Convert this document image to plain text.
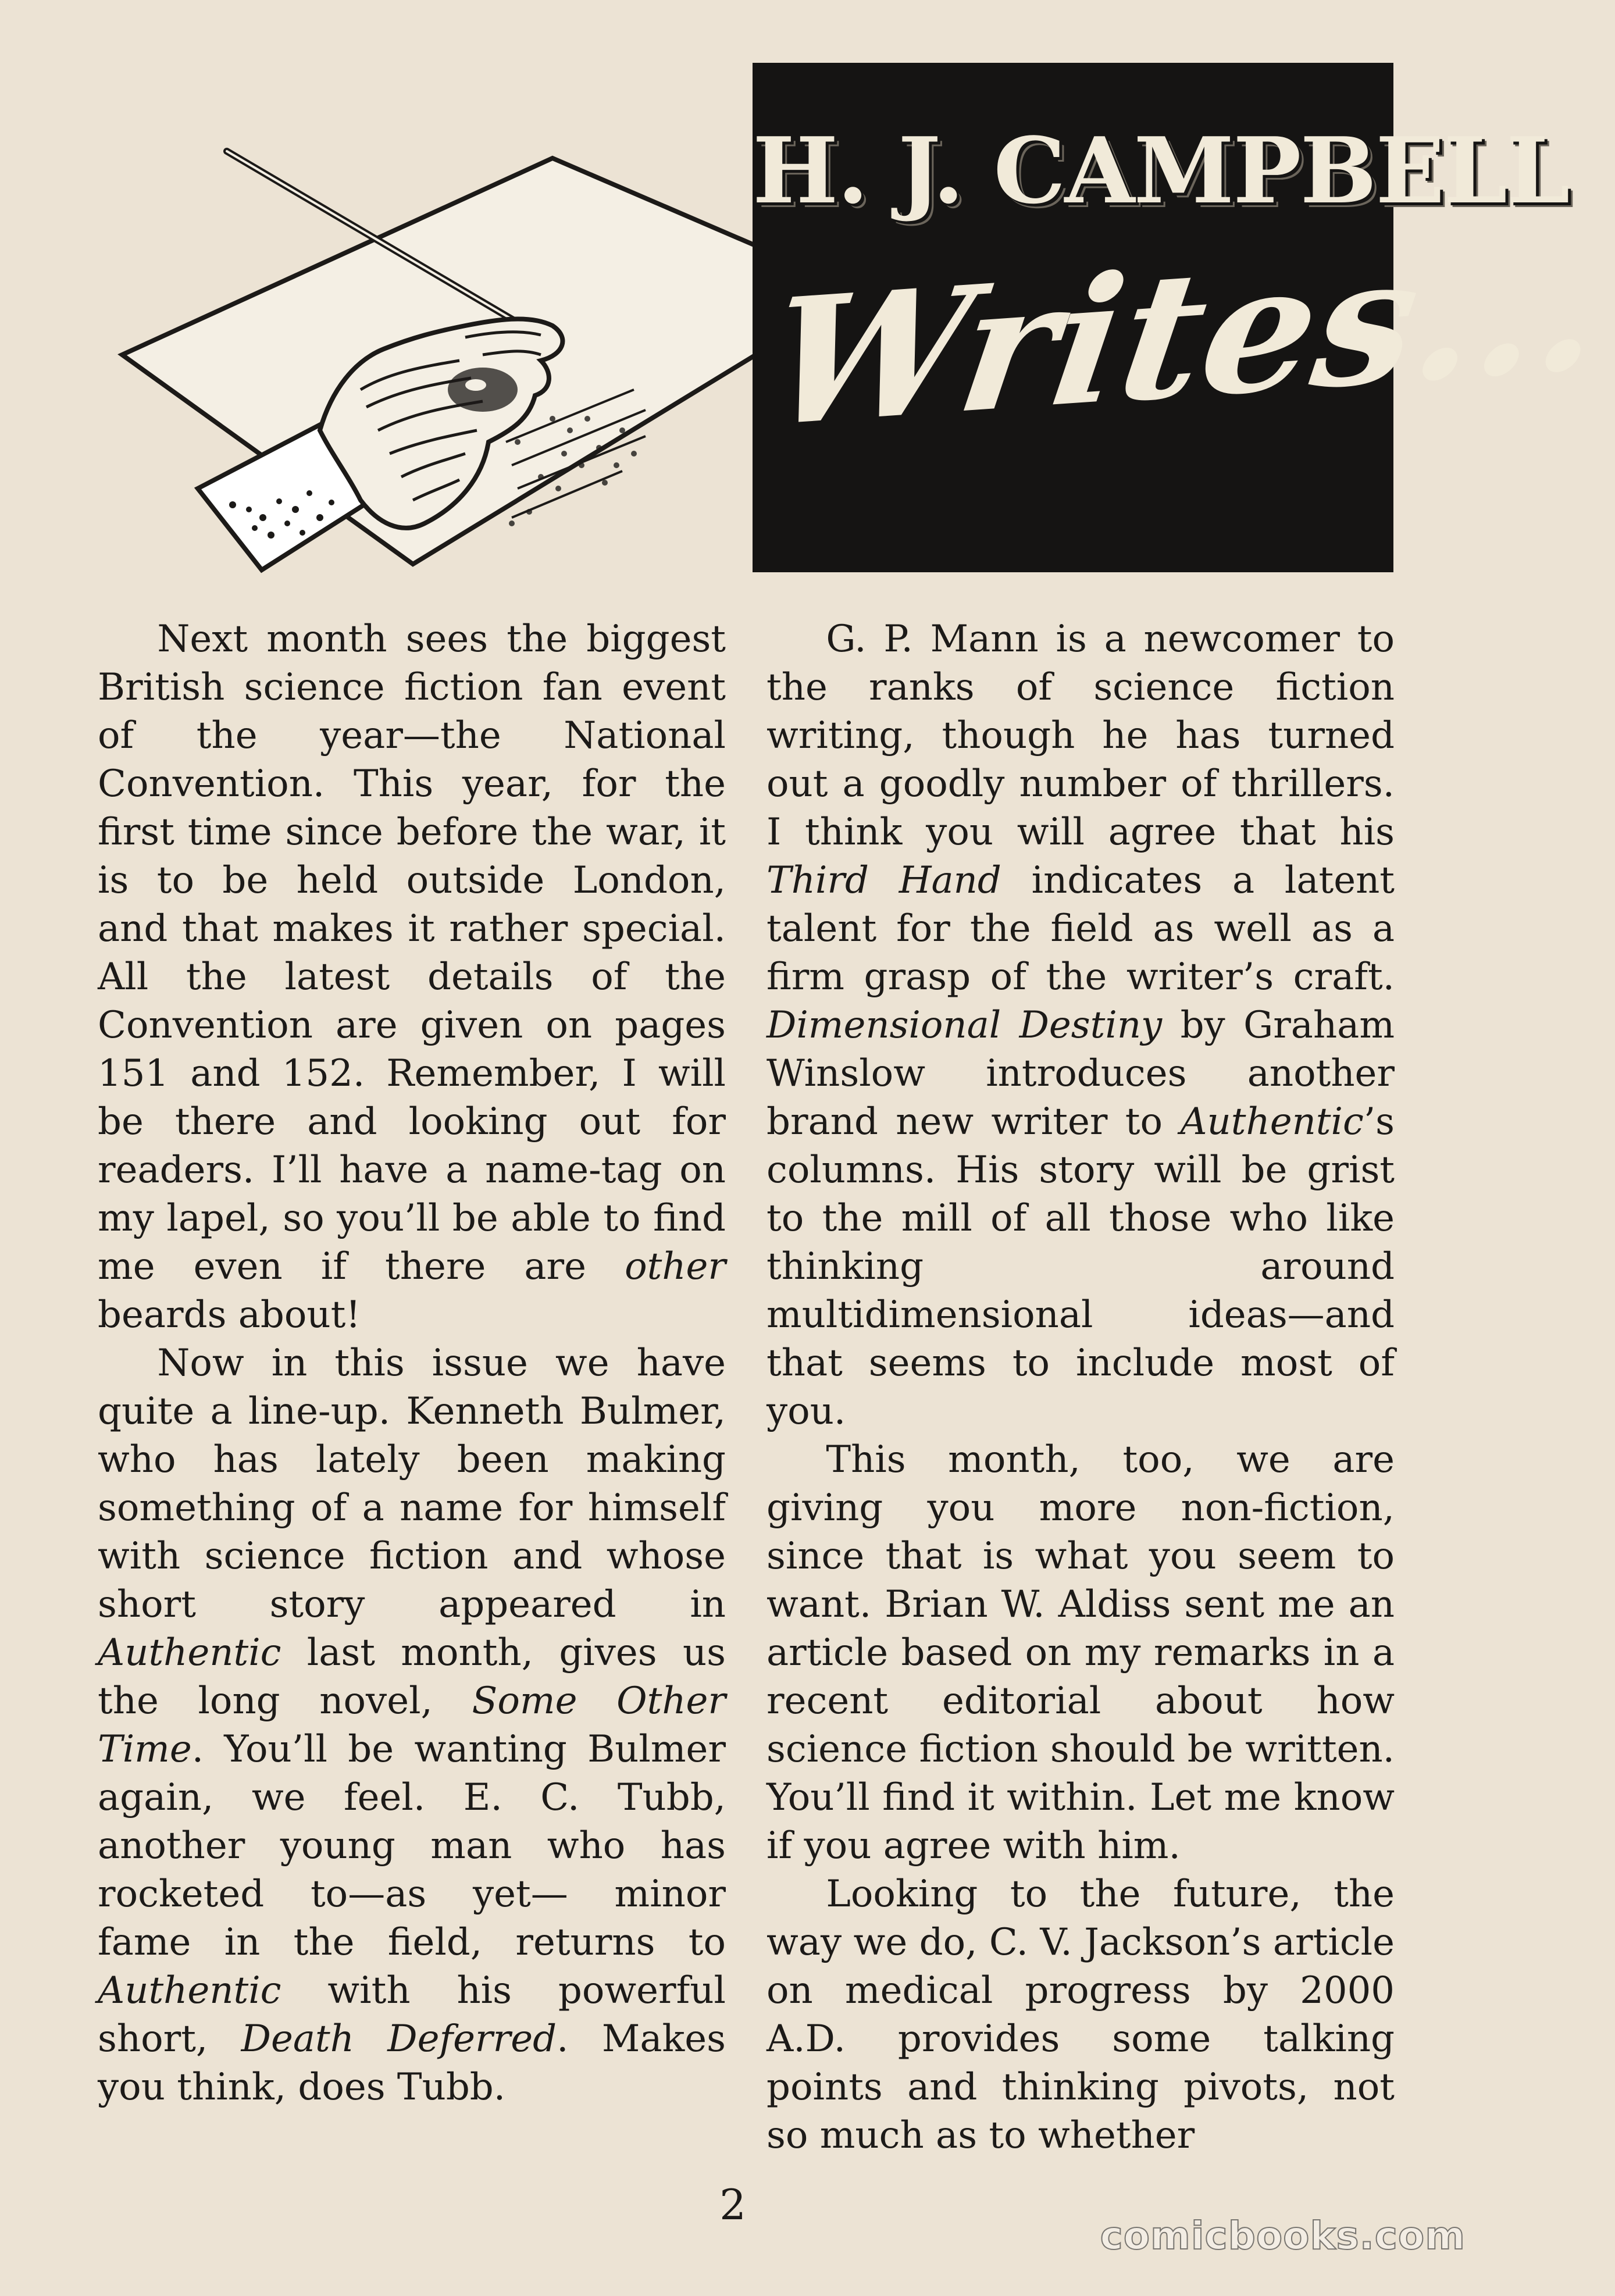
H. J. CAMPBELL
Writes...

Next month sees the biggest British science fiction fan event of the year—the National Convention. This year, for the first time since before the war, it is to be held outside London, and that makes it rather special. All the latest details of the Convention are given on pages 151 and 152. Remember, I will be there and looking out for readers. I’ll have a name-tag on my lapel, so you’ll be able to find me even if there are other beards about!

Now in this issue we have quite a line-up. Kenneth Bulmer, who has lately been making something of a name for himself with science fiction and whose short story appeared in Authentic last month, gives us the long novel, Some Other Time. You’ll be wanting Bulmer again, we feel. E. C. Tubb, another young man who has rocketed to—as yet— minor fame in the field, returns to Authentic with his powerful short, Death Deferred. Makes you think, does Tubb.

G. P. Mann is a newcomer to the ranks of science fiction writing, though he has turned out a goodly number of thrillers. I think you will agree that his Third Hand indicates a latent talent for the field as well as a firm grasp of the writer’s craft. Dimensional Destiny by Graham Winslow introduces another brand new writer to Authentic’s columns. His story will be grist to the mill of all those who like thinking around multidimensional ideas—and that seems to include most of you.

This month, too, we are giving you more non-fiction, since that is what you seem to want. Brian W. Aldiss sent me an article based on my remarks in a recent editorial about how science fiction should be written. You’ll find it within. Let me know if you agree with him.

Looking to the future, the way we do, C. V. Jackson’s article on medical progress by 2000 A.D. provides some talking points and thinking pivots, not so much as to whether

2
comicbooks.com
